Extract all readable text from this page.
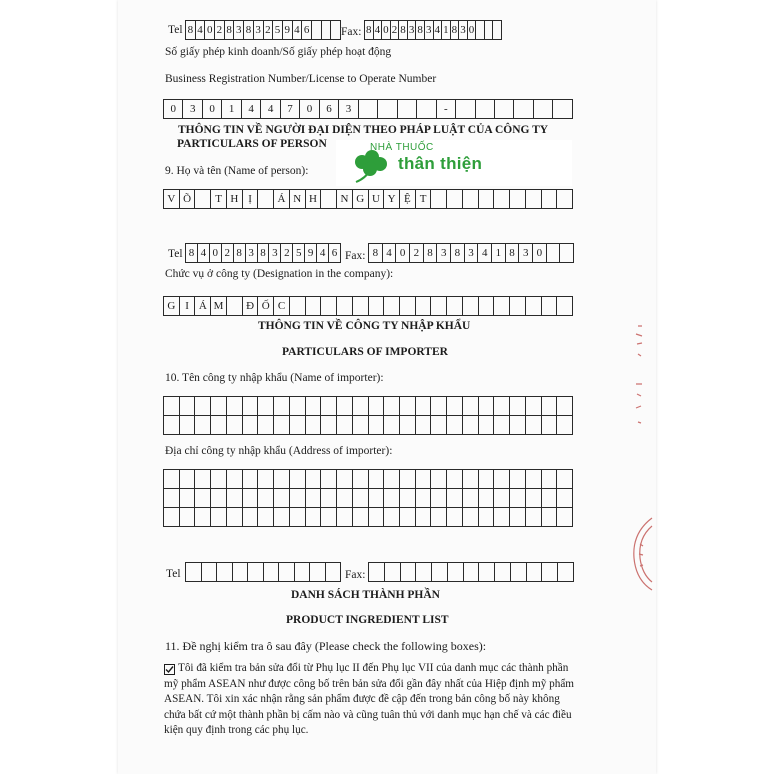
Tel 8 4 0 2 8 3 8 3 2 5 9 4 6	Fax: 8 4 0 2 8 3 8 3 4 1 8 3 0
Số giấy phép kinh doanh/Số giấy phép hoạt động
Business Registration Number/License to Operate Number
0	3	0	1	4	4	7	0	6	3	-
THÔNG TIN VỀ NGƯỜI ĐẠI DIỆN THEO PHÁP LUẬT CỦA CÔNG TY
PARTICULARS OF PERSON	NHÀ THUỐC
thân thiện
9. Họ và tên (Name of person):
V Õ	T H Ị	Á N H	N G U Y Ệ T
Tel 8 4 0 2 8 3 8 3 2 5 9 4 6 Fax: 8 4 0 2 8 3 8 3 4 1 8 3 0
Chức vụ ở công ty (Designation in the company):
G I Á M	Đ Ố C
THÔNG TIN VỀ CÔNG TY NHẬP KHẨU
PARTICULARS OF IMPORTER
10. Tên công ty nhập khẩu (Name of importer):
Địa chỉ công ty nhập khẩu (Address of importer):
Tel	Fax:
DANH SÁCH THÀNH PHẦN
PRODUCT INGREDIENT LIST
11. Đề nghị kiểm tra ô sau đây (Please check the following boxes):
Tôi đã kiểm tra bản sửa đổi từ Phụ lục II đến Phụ lục VII của danh mục các thành phần mỹ phẩm ASEAN như được công bố trên bản sửa đổi gần đây nhất của Hiệp định mỹ phẩm ASEAN. Tôi xin xác nhận rằng sản phẩm được đề cập đến trong bản công bố này không chứa bất cứ một thành phần bị cấm nào và cũng tuân thủ với danh mục hạn chế và các điều kiện quy định trong các phụ lục.
